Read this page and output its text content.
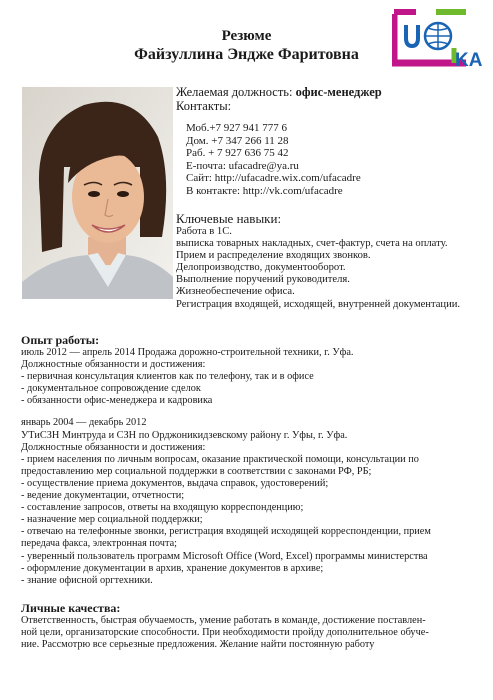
Резюме
Файзуллина Эндже Фаритовна	KA
Желаемая должность: офис-менеджер
Контакты:
Моб.+7 927 941 777 6
Дом. +7 347 266 11 28
Раб. + 7 927 636 75 42
E-почта: ufacadre@ya.ru
Сайт: http://ufacadre.wix.com/ufacadre
В контакте: http://vk.com/ufacadre
Ключевые навыки:
Работа в 1С.
выписка товарных накладных, счет-фактур, счета на оплату.
Прием и распределение входящих звонков.
Делопроизводство, документооборот.
Выполнение поручений руководителя.
Жизнеобеспечение офиса.
Регистрация входящей, исходящей, внутренней документации.
Опыт работы:
июль 2012 — апрель 2014 Продажа дорожно-строительной техники, г. Уфа.
Должностные обязанности и достижения:
- первичная консультация клиентов как по телефону, так и в офисе
- документальное сопровождение сделок
- обязанности офис-менеджера и кадровика
январь 2004 — декабрь 2012
УТиСЗН Минтруда и СЗН по Орджоникидзевскому району г. Уфы, г. Уфа.
Должностные обязанности и достижения:
- прием населения по личным вопросам, оказание практической помощи, консультации по
предоставлению мер социальной поддержки в соответствии с законами РФ, РБ;
- осуществление приема документов, выдача справок, удостоверений;
- ведение документации, отчетности;
- составление запросов, ответы на входящую корреспонденцию;
- назначение мер социальной поддержки;
- отвечаю на телефонные звонки, регистрация входящей исходящей корреспонденции, прием
передача факса, электронная почта;
- уверенный пользователь программ Microsoft Office (Word, Excel) программы министерства
- оформление документации в архив, хранение документов в архиве;
- знание офисной оргтехники.
Личные качества:
Ответственность, быстрая обучаемость, умение работать в команде, достижение поставлен-
ной цели, организаторские способности. При необходимости пройду дополнительное обуче-
ние. Рассмотрю все серьезные предложения. Желание найти постоянную работу
